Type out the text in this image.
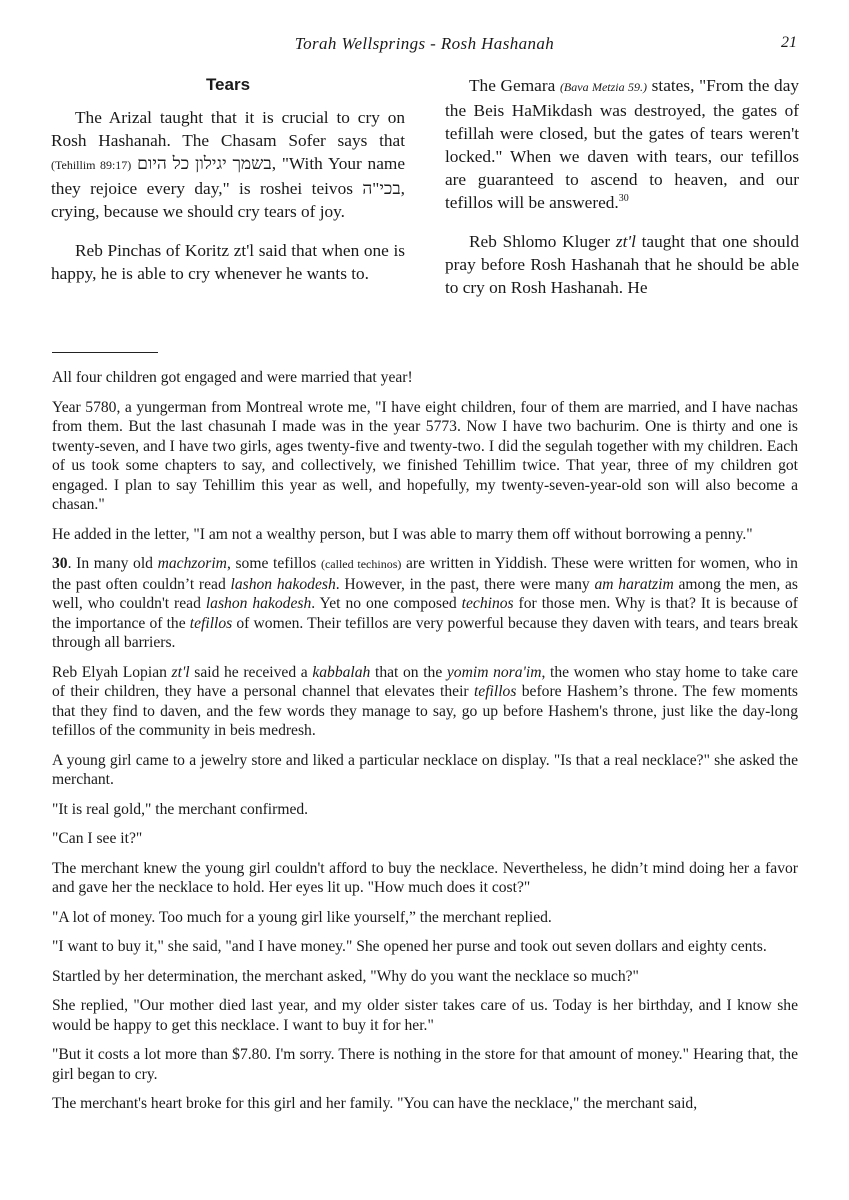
Torah Wellsprings - Rosh Hashanah	21
Tears

The Arizal taught that it is crucial to cry on Rosh Hashanah. The Chasam Sofer says that (Tehillim 89:17) בשמך יגילון כל היום, "With Your name they rejoice every day," is roshei teivos בכי"ה, crying, because we should cry tears of joy.

Reb Pinchas of Koritz zt'l said that when one is happy, he is able to cry whenever he wants to.

The Gemara (Bava Metzia 59.) states, "From the day the Beis HaMikdash was destroyed, the gates of tefillah were closed, but the gates of tears weren't locked." When we daven with tears, our tefillos are guaranteed to ascend to heaven, and our tefillos will be answered.$^{30}$

Reb Shlomo Kluger zt'l taught that one should pray before Rosh Hashanah that he should be able to cry on Rosh Hashanah. He

All four children got engaged and were married that year!

Year 5780, a yungerman from Montreal wrote me, "I have eight children, four of them are married, and I have nachas from them. But the last chasunah I made was in the year 5773. Now I have two bachurim. One is thirty and one is twenty-seven, and I have two girls, ages twenty-five and twenty-two. I did the segulah together with my children. Each of us took some chapters to say, and collectively, we finished Tehillim twice. That year, three of my children got engaged. I plan to say Tehillim this year as well, and hopefully, my twenty-seven-year-old son will also become a chasan."

He added in the letter, "I am not a wealthy person, but I was able to marry them off without borrowing a penny."

30. In many old machzorim, some tefillos (called techinos) are written in Yiddish. These were written for women, who in the past often couldn’t read lashon hakodesh. However, in the past, there were many am haratzim among the men, as well, who couldn't read lashon hakodesh. Yet no one composed techinos for those men. Why is that? It is because of the importance of the tefillos of women. Their tefillos are very powerful because they daven with tears, and tears break through all barriers.

Reb Elyah Lopian zt'l said he received a kabbalah that on the yomim nora'im, the women who stay home to take care of their children, they have a personal channel that elevates their tefillos before Hashem’s throne. The few moments that they find to daven, and the few words they manage to say, go up before Hashem's throne, just like the day-long tefillos of the community in beis medresh.

A young girl came to a jewelry store and liked a particular necklace on display. "Is that a real necklace?" she asked the merchant.

"It is real gold," the merchant confirmed.

"Can I see it?"

The merchant knew the young girl couldn't afford to buy the necklace. Nevertheless, he didn’t mind doing her a favor and gave her the necklace to hold. Her eyes lit up. "How much does it cost?"

"A lot of money. Too much for a young girl like yourself,” the merchant replied.

"I want to buy it," she said, "and I have money." She opened her purse and took out seven dollars and eighty cents.

Startled by her determination, the merchant asked, "Why do you want the necklace so much?"

She replied, "Our mother died last year, and my older sister takes care of us. Today is her birthday, and I know she would be happy to get this necklace. I want to buy it for her."

"But it costs a lot more than $7.80. I'm sorry. There is nothing in the store for that amount of money." Hearing that, the girl began to cry.

The merchant's heart broke for this girl and her family. "You can have the necklace," the merchant said,
